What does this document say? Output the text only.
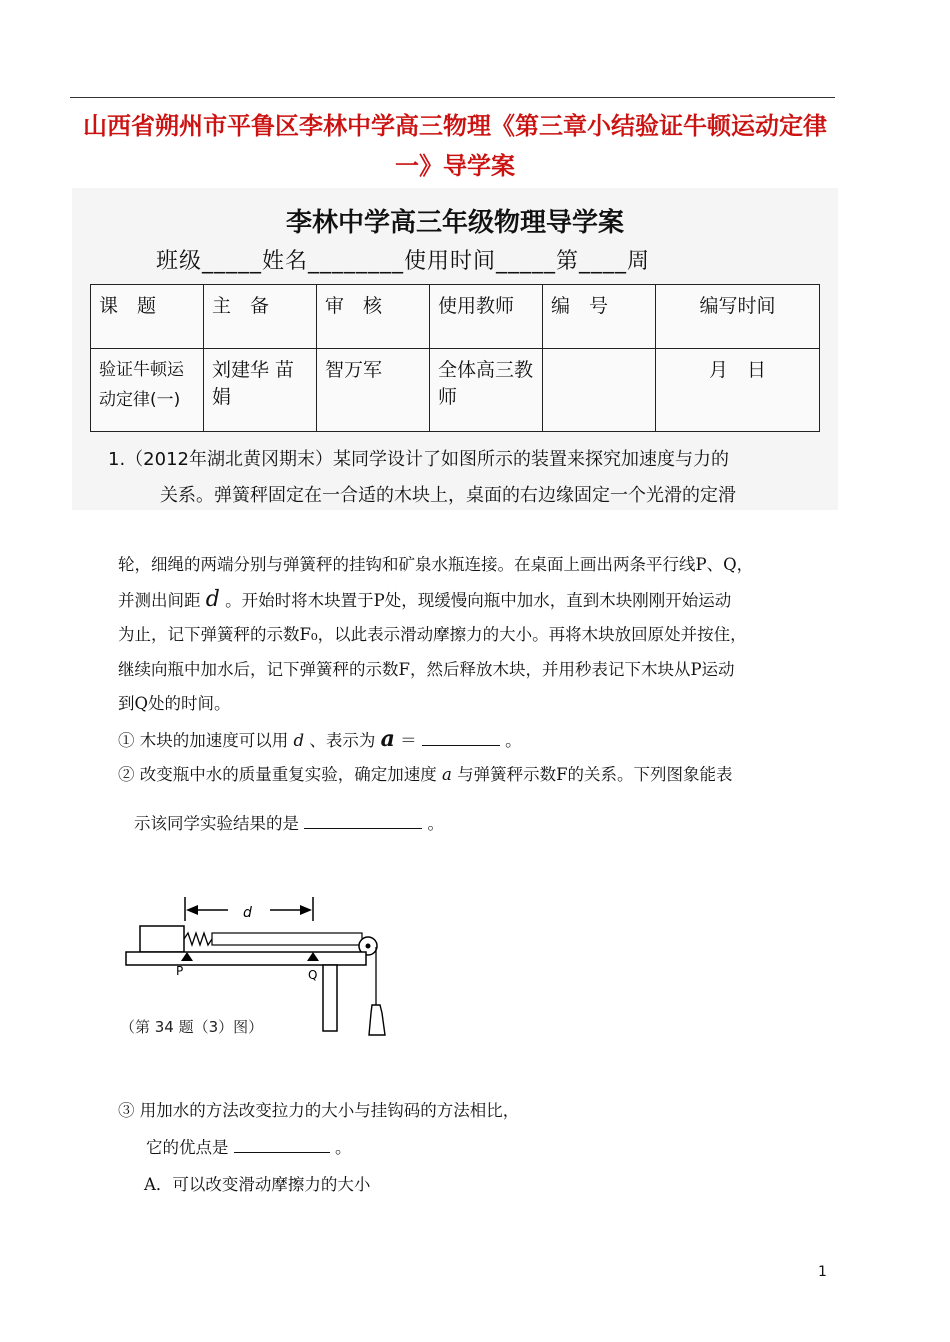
山西省朔州市平鲁区李林中学高三物理《第三章小结验证牛顿运动定律一》导学案
李林中学高三年级物理导学案
班级_____姓名________使用时间_____第____周
课　题	主　备	审　核	使用教师	编　号	编写时间
验证牛顿运动定律(一)	刘建华 苗娟	智万军	全体高三教师		月　日
1.（2012年湖北黄冈期末）某同学设计了如图所示的装置来探究加速度与力的
关系。弹簧秤固定在一合适的木块上，桌面的右边缘固定一个光滑的定滑

轮，细绳的两端分别与弹簧秤的挂钩和矿泉水瓶连接。在桌面上画出两条平行线P、Q，

并测出间距 d 。开始时将木块置于P处，现缓慢向瓶中加水，直到木块刚刚开始运动

为止，记下弹簧秤的示数F₀，以此表示滑动摩擦力的大小。再将木块放回原处并按住，

继续向瓶中加水后，记下弹簧秤的示数F，然后释放木块，并用秒表记下木块从P运动

到Q处的时间。

① 木块的加速度可以用 d 、表示为 a ＝	。

② 改变瓶中水的质量重复实验，确定加速度 a 与弹簧秤示数F的关系。下列图象能表

示该同学实验结果的是	。

d
P	Q
（第 34 题（3）图）

③ 用加水的方法改变拉力的大小与挂钩码的方法相比，

它的优点是	。

A．可以改变滑动摩擦力的大小

1
